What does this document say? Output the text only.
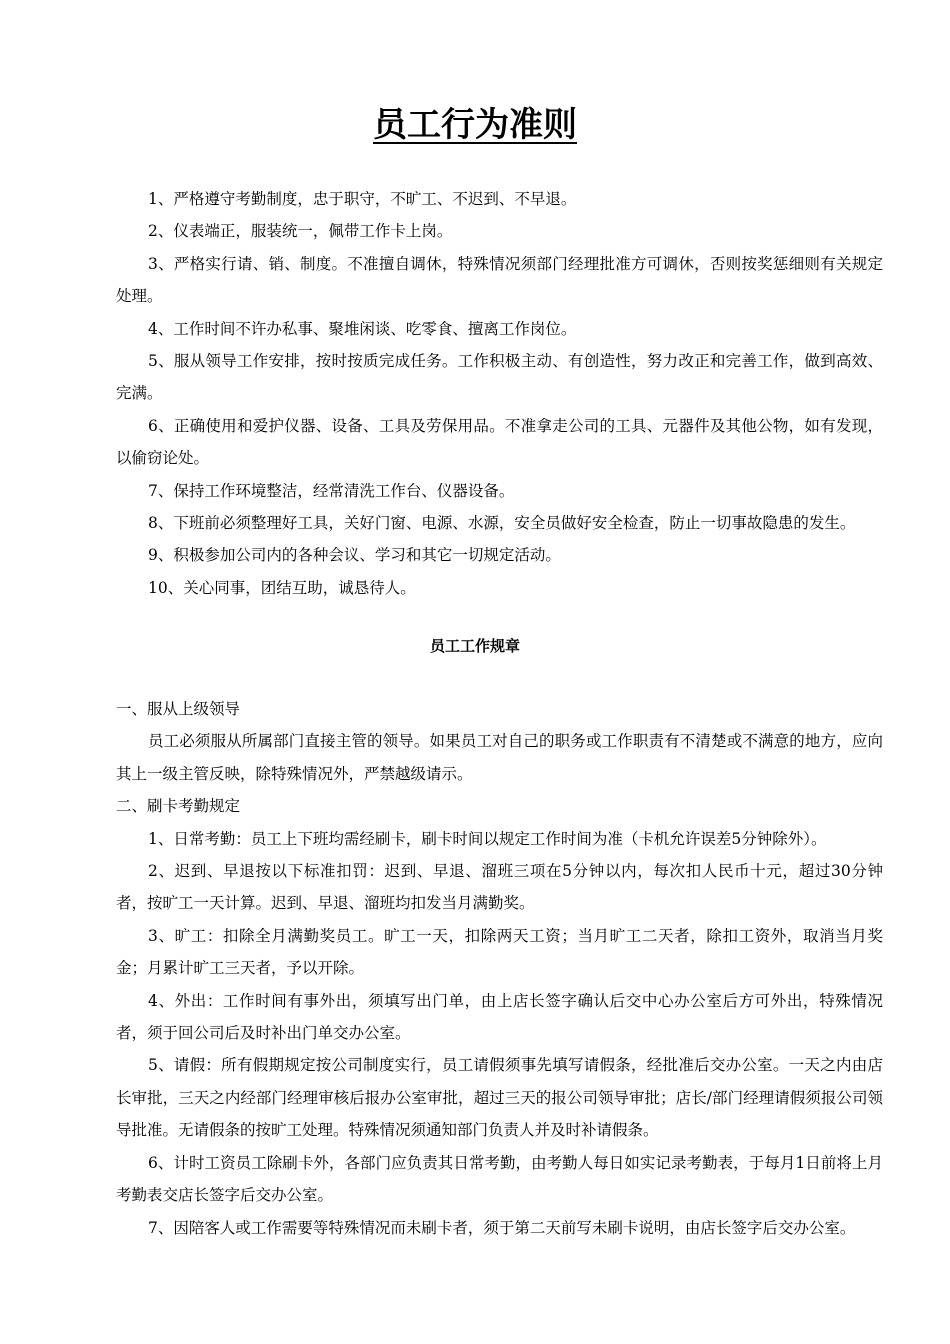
员工行为准则

1、严格遵守考勤制度，忠于职守，不旷工、不迟到、不早退。

2、仪表端正，服装统一，佩带工作卡上岗。

3、严格实行请、销、制度。不准擅自调休，特殊情况须部门经理批准方可调休，否则按奖惩细则有关规定处理。

4、工作时间不许办私事、聚堆闲谈、吃零食、擅离工作岗位。

5、服从领导工作安排，按时按质完成任务。工作积极主动、有创造性，努力改正和完善工作，做到高效、完满。

6、正确使用和爱护仪器、设备、工具及劳保用品。不准拿走公司的工具、元器件及其他公物，如有发现，以偷窃论处。

7、保持工作环境整洁，经常清洗工作台、仪器设备。

8、下班前必须整理好工具，关好门窗、电源、水源，安全员做好安全检查，防止一切事故隐患的发生。

9、积极参加公司内的各种会议、学习和其它一切规定活动。

10、关心同事，团结互助，诚恳待人。

员工工作规章

一、服从上级领导

员工必须服从所属部门直接主管的领导。如果员工对自己的职务或工作职责有不清楚或不满意的地方，应向其上一级主管反映，除特殊情况外，严禁越级请示。

二、刷卡考勤规定

1、日常考勤：员工上下班均需经刷卡，刷卡时间以规定工作时间为准（卡机允许误差5分钟除外）。

2、迟到、早退按以下标准扣罚：迟到、早退、溜班三项在5分钟以内，每次扣人民币十元，超过30分钟者，按旷工一天计算。迟到、早退、溜班均扣发当月满勤奖。

3、旷工：扣除全月满勤奖员工。旷工一天，扣除两天工资；当月旷工二天者，除扣工资外，取消当月奖金；月累计旷工三天者，予以开除。

4、外出：工作时间有事外出，须填写出门单，由上店长签字确认后交中心办公室后方可外出，特殊情况者，须于回公司后及时补出门单交办公室。

5、请假：所有假期规定按公司制度实行，员工请假须事先填写请假条，经批准后交办公室。一天之内由店长审批，三天之内经部门经理审核后报办公室审批，超过三天的报公司领导审批；店长/部门经理请假须报公司领导批准。无请假条的按旷工处理。特殊情况须通知部门负责人并及时补请假条。

6、计时工资员工除刷卡外，各部门应负责其日常考勤，由考勤人每日如实记录考勤表，于每月1日前将上月考勤表交店长签字后交办公室。

7、因陪客人或工作需要等特殊情况而未刷卡者，须于第二天前写未刷卡说明，由店长签字后交办公室。
